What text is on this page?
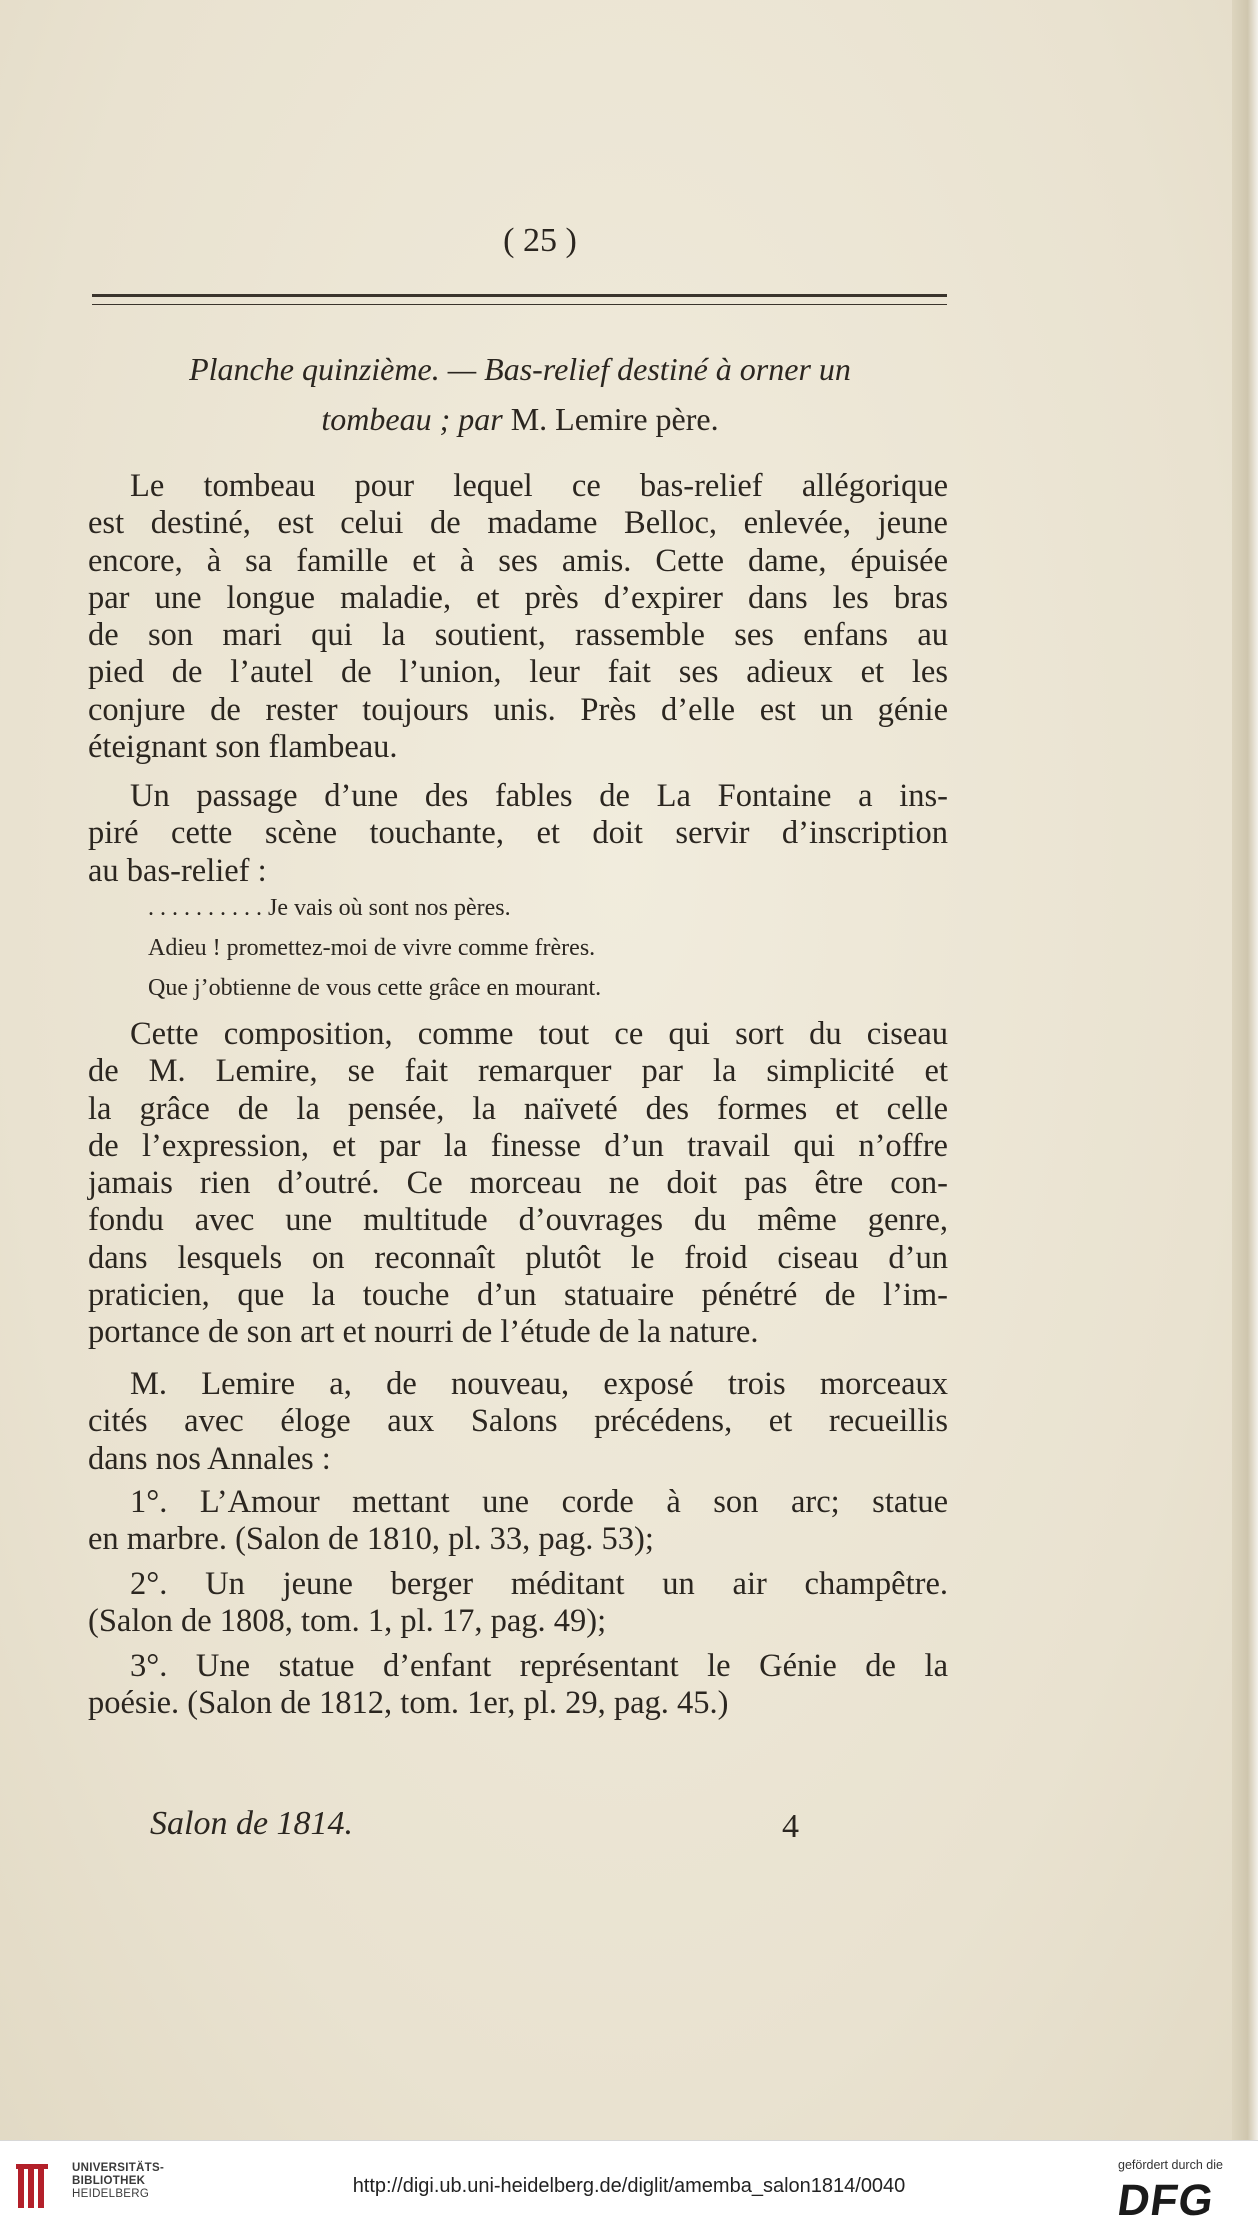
( 25 )
Planche quinzième. — Bas-relief destiné à orner un
tombeau ; par M. Lemire père.
Le tombeau pour lequel ce bas-relief allégorique
est destiné, est celui de madame Belloc, enlevée, jeune
encore, à sa famille et à ses amis. Cette dame, épuisée
par une longue maladie, et près d’expirer dans les bras
de son mari qui la soutient, rassemble ses enfans au
pied de l’autel de l’union, leur fait ses adieux et les
conjure de rester toujours unis. Près d’elle est un génie
éteignant son flambeau.
Un passage d’une des fables de La Fontaine a ins-
piré cette scène touchante, et doit servir d’inscription
au bas-relief :
. . . . . . . . . . Je vais où sont nos pères.
Adieu ! promettez-moi de vivre comme frères.
Que j’obtienne de vous cette grâce en mourant.
Cette composition, comme tout ce qui sort du ciseau
de M. Lemire, se fait remarquer par la simplicité et
la grâce de la pensée, la naïveté des formes et celle
de l’expression, et par la finesse d’un travail qui n’offre
jamais rien d’outré. Ce morceau ne doit pas être con-
fondu avec une multitude d’ouvrages du même genre,
dans lesquels on reconnaît plutôt le froid ciseau d’un
praticien, que la touche d’un statuaire pénétré de l’im-
portance de son art et nourri de l’étude de la nature.
M. Lemire a, de nouveau, exposé trois morceaux
cités avec éloge aux Salons précédens, et recueillis
dans nos Annales :
1°. L’Amour mettant une corde à son arc; statue
en marbre. (Salon de 1810, pl. 33, pag. 53);
2°. Un jeune berger méditant un air champêtre.
(Salon de 1808, tom. 1, pl. 17, pag. 49);
3°. Une statue d’enfant représentant le Génie de la
poésie. (Salon de 1812, tom. 1er, pl. 29, pag. 45.)
Salon de 1814.	4
UNIVERSITÄTS-
BIBLIOTHEK
HEIDELBERG	http://digi.ub.uni-heidelberg.de/diglit/amemba_salon1814/0040
gefördert durch die
DFG
